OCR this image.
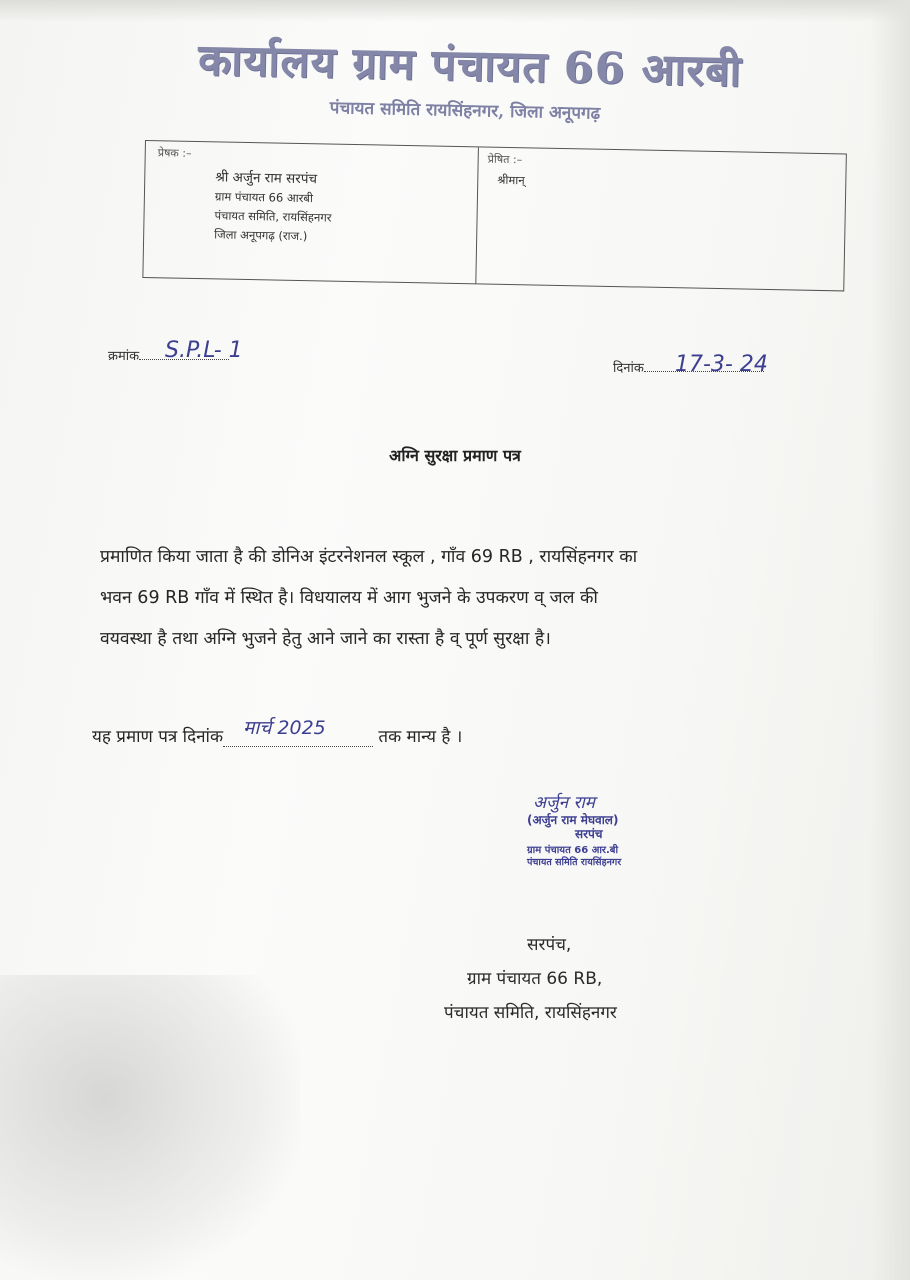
कार्यालय ग्राम पंचायत 66 आरबी
पंचायत समिति रायसिंहनगर, जिला अनूपगढ़
प्रेषक :–
श्री अर्जुन राम सरपंच
ग्राम पंचायत 66 आरबी
पंचायत समिति, रायसिंहनगर
जिला अनूपगढ़ (राज.)
प्रेषित :–
श्रीमान्
क्रमांक	S.P.L- 1
दिनांक	17-3- 24
अग्नि सुरक्षा प्रमाण पत्र
प्रमाणित किया जाता है की डोनिअ इंटरनेशनल स्कूल , गाँव 69 RB , रायसिंहनगर का
भवन 69 RB गाँव में स्थित है। विधयालय में आग भुजने के उपकरण व् जल की
वयवस्था है तथा अग्नि भुजने हेतु आने जाने का रास्ता है व् पूर्ण सुरक्षा है।
यह प्रमाण पत्र दिनांक मार्च 2025	तक मान्य है ।
अर्जुन राम
(अर्जुन राम मेघवाल)
सरपंच
ग्राम पंचायत 66 आर.बी
पंचायत समिति रायसिंहनगर
सरपंच,
ग्राम पंचायत 66 RB,
पंचायत समिति, रायसिंहनगर
